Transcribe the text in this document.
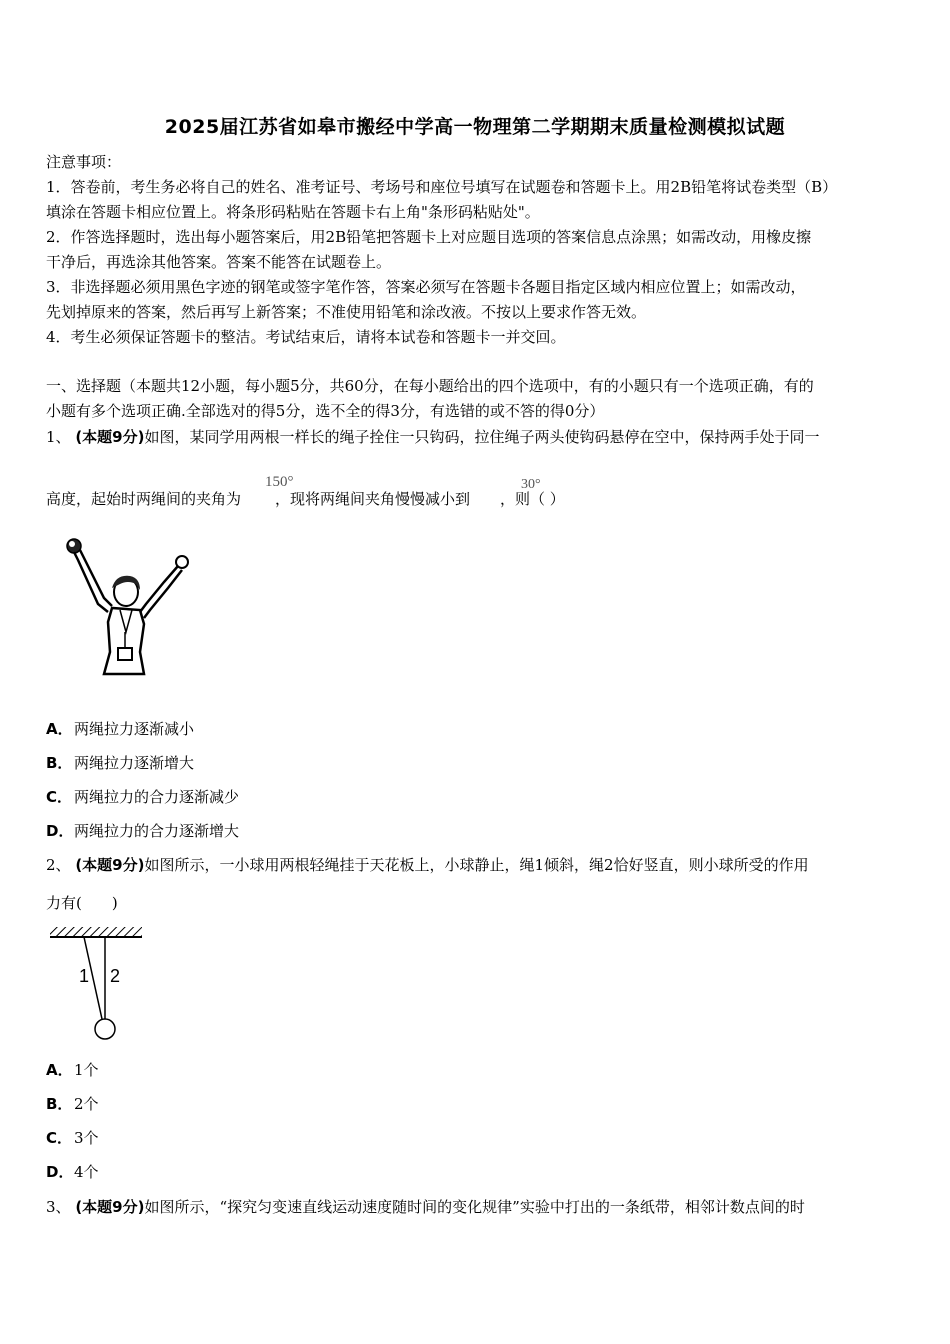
2025届江苏省如皋市搬经中学高一物理第二学期期末质量检测模拟试题
注意事项：
1．答卷前，考生务必将自己的姓名、准考证号、考场号和座位号填写在试题卷和答题卡上。用2B铅笔将试卷类型（B）
填涂在答题卡相应位置上。将条形码粘贴在答题卡右上角"条形码粘贴处"。
2．作答选择题时，选出每小题答案后，用2B铅笔把答题卡上对应题目选项的答案信息点涂黑；如需改动，用橡皮擦
干净后，再选涂其他答案。答案不能答在试题卷上。
3．非选择题必须用黑色字迹的钢笔或签字笔作答，答案必须写在答题卡各题目指定区域内相应位置上；如需改动，
先划掉原来的答案，然后再写上新答案；不准使用铅笔和涂改液。不按以上要求作答无效。
4．考生必须保证答题卡的整洁。考试结束后，请将本试卷和答题卡一并交回。
一、选择题（本题共12小题，每小题5分，共60分，在每小题给出的四个选项中，有的小题只有一个选项正确，有的
小题有多个选项正确.全部选对的得5分，选不全的得3分，有选错的或不答的得0分）
1、 (本题9分)如图，某同学用两根一样长的绳子拴住一只钩码，拉住绳子两头使钩码悬停在空中，保持两手处于同一
高度，起始时两绳间的夹角为 ，现将两绳间夹角慢慢减小到 ，则（ ）
150°	30°
A．两绳拉力逐渐减小
B． 两绳拉力逐渐增大
C． 两绳拉力的合力逐渐减少
D．两绳拉力的合力逐渐增大
2、 (本题9分)如图所示，一小球用两根轻绳挂于天花板上，小球静止，绳1倾斜，绳2恰好竖直，则小球所受的作用
力有(　　)
1 2
A．1个
B． 2个
C． 3个
D．4个
3、 (本题9分)如图所示，“探究匀变速直线运动速度随时间的变化规律”实验中打出的一条纸带，相邻计数点间的时
